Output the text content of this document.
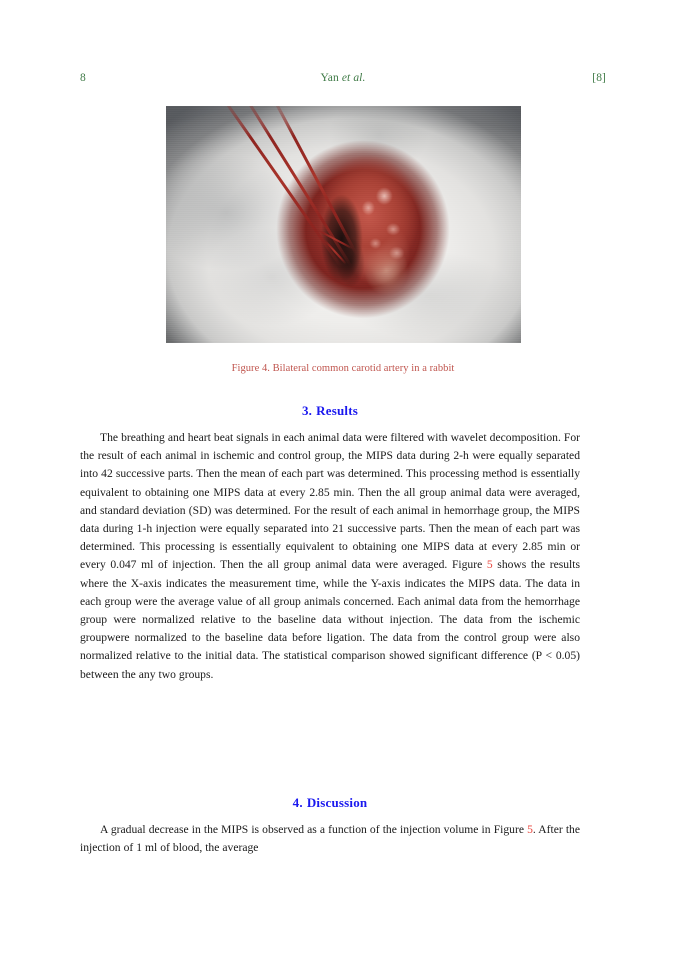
8	Yan et al.	[8]
Figure 4. Bilateral common carotid artery in a rabbit
3. Results

The breathing and heart beat signals in each animal data were filtered with wavelet decomposition. For the result of each animal in ischemic and control group, the MIPS data during 2-h were equally separated into 42 successive parts. Then the mean of each part was determined. This processing method is essentially equivalent to obtaining one MIPS data at every 2.85 min. Then the all group animal data were averaged, and standard deviation (SD) was determined. For the result of each animal in hemorrhage group, the MIPS data during 1-h injection were equally separated into 21 successive parts. Then the mean of each part was determined. This processing is essentially equivalent to obtaining one MIPS data at every 2.85 min or every 0.047 ml of injection. Then the all group animal data were averaged. Figure 5 shows the results where the X-axis indicates the measurement time, while the Y-axis indicates the MIPS data. The data in each group were the average value of all group animals concerned. Each animal data from the hemorrhage group were normalized relative to the baseline data without injection. The data from the ischemic groupwere normalized to the baseline data before ligation. The data from the control group were also normalized relative to the initial data. The statistical comparison showed significant difference (P < 0.05) between the any two groups.

4. Discussion

A gradual decrease in the MIPS is observed as a function of the injection volume in Figure 5. After the injection of 1 ml of blood, the average
